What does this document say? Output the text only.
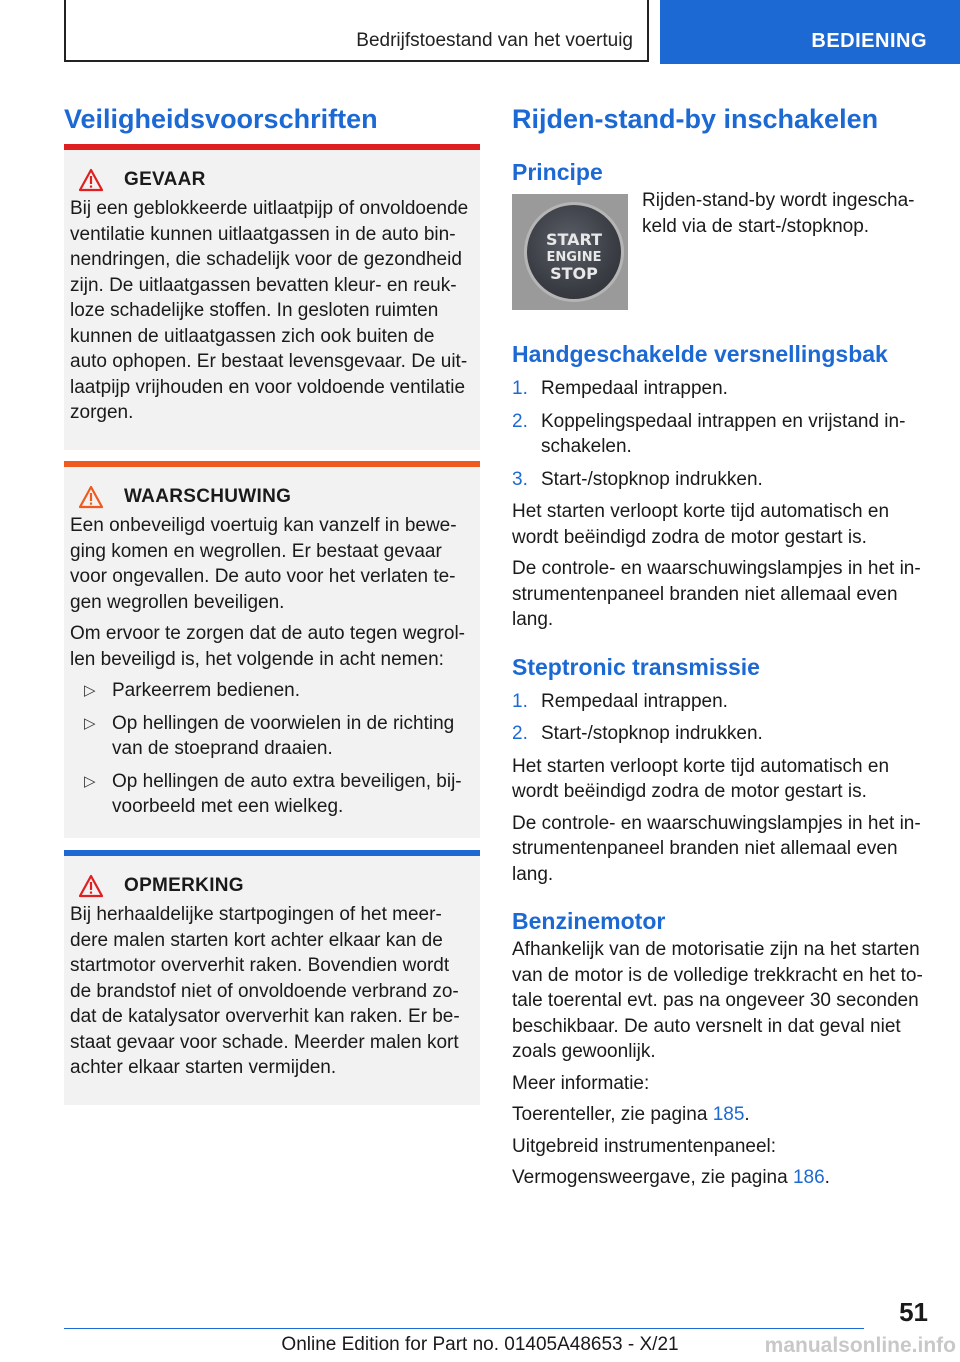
Bedrijfstoestand van het voertuig	BEDIENING
Veiligheidsvoorschriften
GEVAAR

Bij een geblokkeerde uitlaatpijp of onvoldoende ventilatie kunnen uitlaatgassen in de auto bin-nendringen, die schadelijk voor de gezondheid zijn. De uitlaatgassen bevatten kleur- en reuk-loze schadelijke stoffen. In gesloten ruimten kunnen de uitlaatgassen zich ook buiten de auto ophopen. Er bestaat levensgevaar. De uit-laatpijp vrijhouden en voor voldoende ventilatie zorgen.

WAARSCHUWING

Een onbeveiligd voertuig kan vanzelf in bewe-ging komen en wegrollen. Er bestaat gevaar voor ongevallen. De auto voor het verlaten te-gen wegrollen beveiligen.

Om ervoor te zorgen dat de auto tegen wegrol-len beveiligd is, het volgende in acht nemen:

▷ Parkeerrem bedienen.
▷ Op hellingen de voorwielen in de richting van de stoeprand draaien.
▷ Op hellingen de auto extra beveiligen, bij-voorbeeld met een wielkeg.
OPMERKING

Bij herhaaldelijke startpogingen of het meer-dere malen starten kort achter elkaar kan de startmotor oververhit raken. Bovendien wordt de brandstof niet of onvoldoende verbrand zo-dat de katalysator oververhit kan raken. Er be-staat gevaar voor schade. Meerder malen kort achter elkaar starten vermijden.

Rijden-stand-by inschakelen
Principe
START
ENGINE
STOP

Rijden-stand-by wordt ingescha-keld via de start-/stopknop.

Handgeschakelde versnellingsbak
1. Rempedaal intrappen.
2. Koppelingspedaal intrappen en vrijstand in-schakelen.
3. Start-/stopknop indrukken.

Het starten verloopt korte tijd automatisch en wordt beëindigd zodra de motor gestart is.

De controle- en waarschuwingslampjes in het in-strumentenpaneel branden niet allemaal even lang.

Steptronic transmissie
1. Rempedaal intrappen.
2. Start-/stopknop indrukken.

Het starten verloopt korte tijd automatisch en wordt beëindigd zodra de motor gestart is.

De controle- en waarschuwingslampjes in het in-strumentenpaneel branden niet allemaal even lang.

Benzinemotor

Afhankelijk van de motorisatie zijn na het starten van de motor is de volledige trekkracht en het to-tale toerental evt. pas na ongeveer 30 seconden beschikbaar. De auto versnelt in dat geval niet zoals gewoonlijk.

Meer informatie:

Toerenteller, zie pagina 185.

Uitgebreid instrumentenpaneel:

Vermogensweergave, zie pagina 186.

51
Online Edition for Part no. 01405A48653 - X/21	manualsonline.info
